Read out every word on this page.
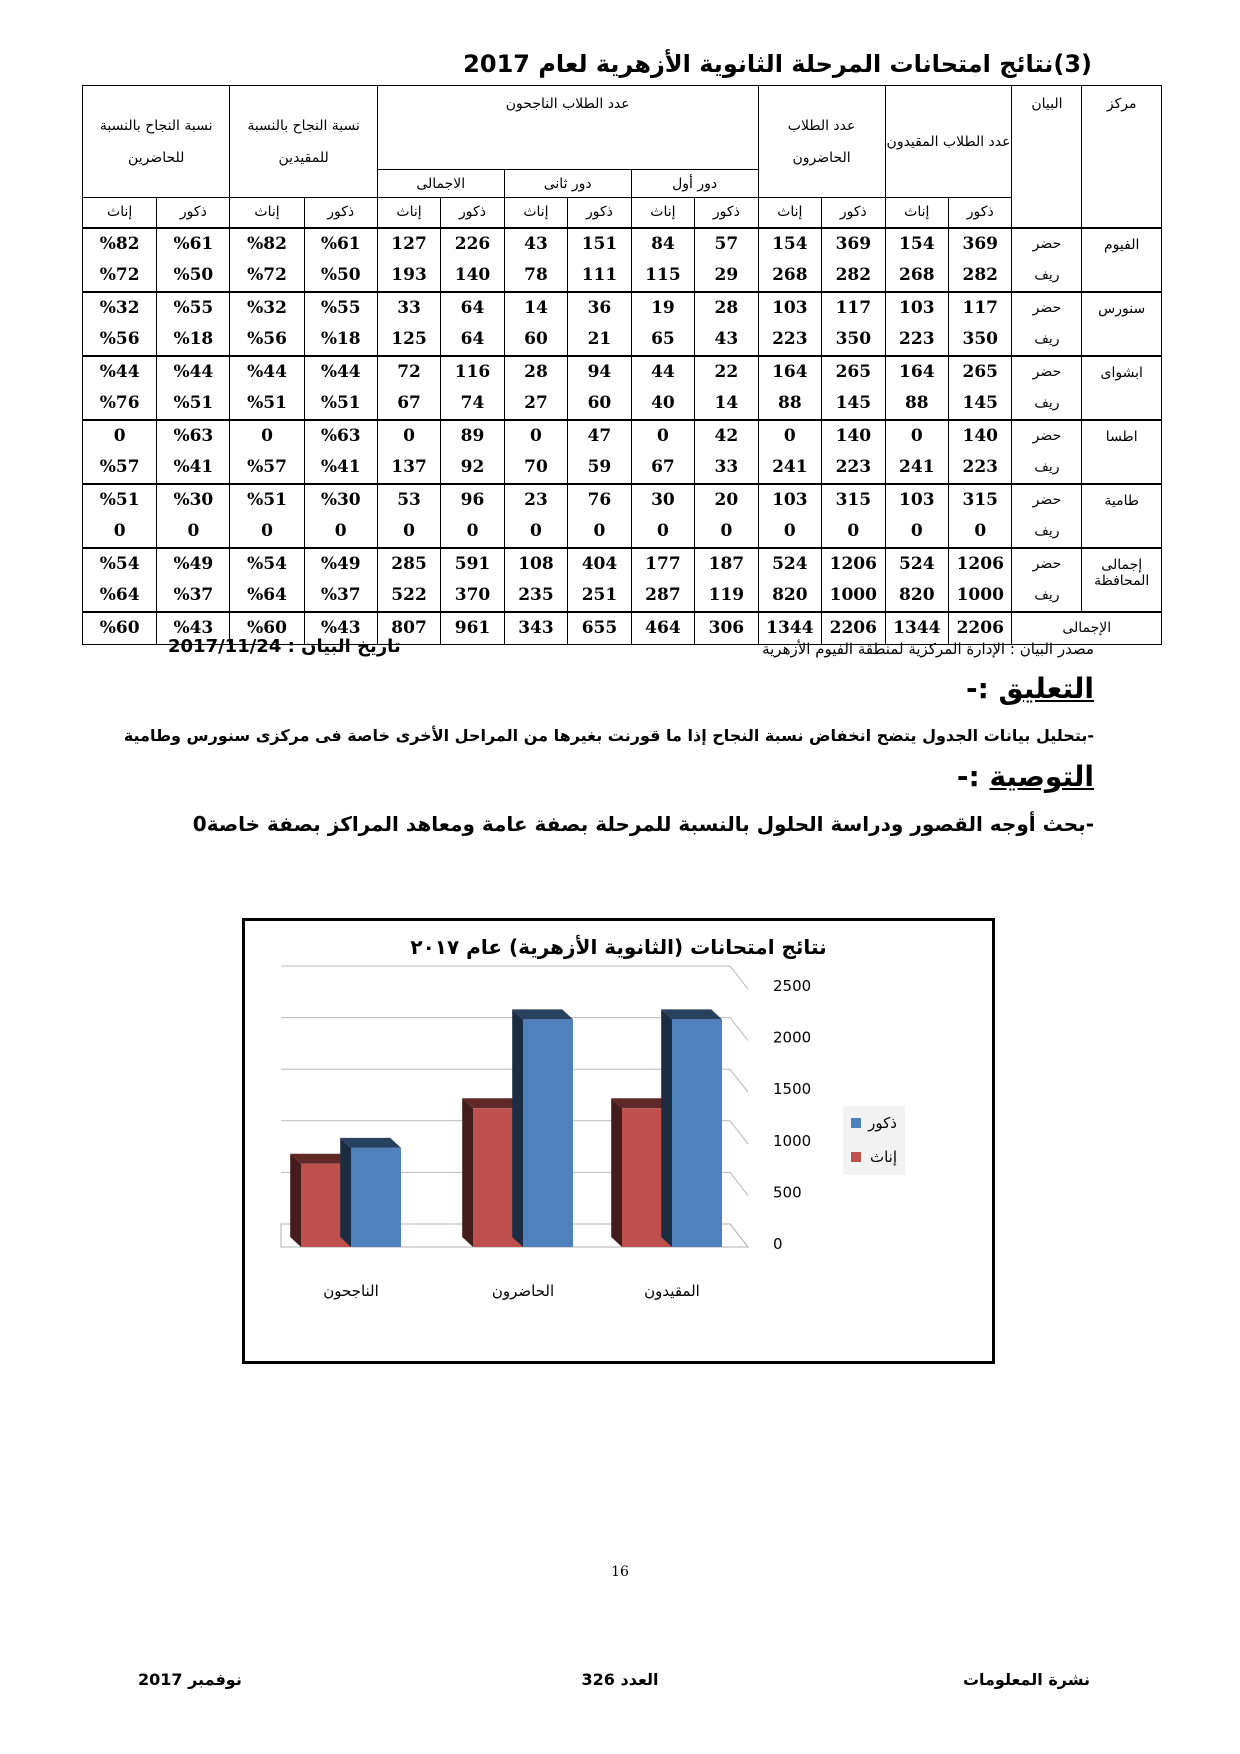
(3)نتائج امتحانات المرحلة الثانوية الأزهرية لعام 2017
مركز	البيان	عدد الطلاب المقيدون		عدد الطلاب الحاضرون		عدد الطلاب الناجحون						نسبة النجاح بالنسبة للمقيدين		نسبة النجاح بالنسبة للحاضرين	
						دور أول		دور ثانى		الاجمالى					
		ذكور	إناث	ذكور	إناث	ذكور	إناث	ذكور	إناث	ذكور	إناث	ذكور	إناث	ذكور	إناث
الفيوم	حضر	369	154	369	154	57	84	151	43	226	127	%61	%82	%61	%82
	ريف	282	268	282	268	29	115	111	78	140	193	%50	%72	%50	%72
سنورس	حضر	117	103	117	103	28	19	36	14	64	33	%55	%32	%55	%32
	ريف	350	223	350	223	43	65	21	60	64	125	%18	%56	%18	%56
ابشواى	حضر	265	164	265	164	22	44	94	28	116	72	%44	%44	%44	%44
	ريف	145	88	145	88	14	40	60	27	74	67	%51	%51	%51	%76
اطسا	حضر	140	0	140	0	42	0	47	0	89	0	%63	0	%63	0
	ريف	223	241	223	241	33	67	59	70	92	137	%41	%57	%41	%57
طامية	حضر	315	103	315	103	20	30	76	23	96	53	%30	%51	%30	%51
	ريف	0	0	0	0	0	0	0	0	0	0	0	0	0	0
إجمالى المحافظة	حضر	1206	524	1206	524	187	177	404	108	591	285	%49	%54	%49	%54
	ريف	1000	820	1000	820	119	287	251	235	370	522	%37	%64	%37	%64
الإجمالى		2206	1344	2206	1344	306	464	655	343	961	807	%43	%60	%43	%60
مصدر البيان : الإدارة المركزية لمنطقة الفيوم الأزهرية
تاريخ البيان : 2017/11/24
التعليق :-
-بتحليل بيانات الجدول يتضح انخفاض نسبة النجاح إذا ما قورنت بغيرها من المراحل الأخرى خاصة فى مركزى سنورس وطامية
التوصية :-
-بحث أوجه القصور ودراسة الحلول بالنسبة للمرحلة بصفة عامة ومعاهد المراكز بصفة خاصة0
نتائج امتحانات (الثانوية الأزهرية) عام ٢٠١٧
0
500
1000
1500
2000
2500
المقيدون
الحاضرون
الناجحون
ذكور
إناث
16
نشرة المعلومات
العدد 326
نوفمبر 2017
